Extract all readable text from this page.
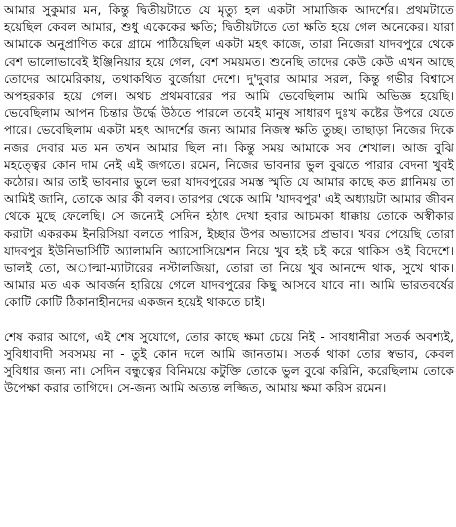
আমার সুকুমার মন, কিন্তু দ্বিতীয়টাতে যে মৃত্যু হল একটা সামাজিক আদর্শের। প্রথমটাতে হয়েছিল কেবল আমার, শুধু একেকের ক্ষতি; দ্বিতীয়টাতে তো ক্ষতি হয়ে গেল অনেকের। যারা আমাকে অনুপ্রাণিত করে গ্রামে পাঠিয়েছিল একটা মহৎ কাজে, তারা নিজেরা যাদবপুরে থেকে বেশ ভালোভাবেই ইঞ্জিনিয়ার হয়ে গেল, বেশ সময়মত। শুনেছি তাদের কেউ কেউ এখন আছে তোদের আমেরিকায়, তথাকথিত বুর্জোয়া দেশে। দু'দুবার আমার সরল, কিন্তু গভীর বিশ্বাসে অপহরকার হয়ে গেল। অথচ প্রথমবারের পর আমি ভেবেছিলাম আমি অভিজ্ঞ হয়েছি। ভেবেছিলাম আপন চিন্তার উর্দ্ধে উঠতে পারলে তবেই মানুষ সাধারণ দুঃখ কষ্টের উপরে যেতে পারে। ভেবেছিলাম একটা মহৎ আদর্শের জন্য আমার নিজস্ব ক্ষতি তুচ্ছ। তাছাড়া নিজের দিকে নজর দেবার মত মন তখন আমার ছিল না। কিন্তু সময় আমাকে সব শেখাল। আজ বুঝি মহত্ত্বের কোন দাম নেই এই জগতে। রমেন, নিজের ভাবনার ভুল বুঝতে পারার বেদনা খুবই কঠোর। আর তাই ভাবনার ভুলে ভরা যাদবপুরের সমস্ত স্মৃতি যে আমার কাছে কত গ্লানিময় তা আমিই জানি, তোকে আর কী বলব। তারপর থেকে আমি 'যাদবপুর' এই অধ্যায়টা আমার জীবন থেকে মুছে ফেলেছি। সে জন্যেই সেদিন হঠাৎ দেখা হবার আচমকা ধাক্কায় তোকে অস্বীকার করাটা একরকম ইনরিসিয়া বলতে পারিস, ইচ্ছার উপর অভ্যাসের প্রভাব। খবর পেয়েছি তোরা যাদবপুর ইউনিভার্সিটি অ্যালামনি অ্যাসোসিয়েশন নিয়ে খুব হই চই করে থাকিস ওই বিদেশে। ভালই তো, অাল্মা-ম্যাটারের নস্টালজিয়া, তোরা তা নিয়ে খুব আনন্দে থাক, সুখে থাক। আমার মত এক আবর্জন হারিয়ে গেলে যাদবপুরের কিছু আসবে যাবে না। আমি ভারতবর্ষের কোটি কোটি ঠিকানাহীনদের একজন হয়েই থাকতে চাই।

শেষ করার আগে, এই শেষ সুযোগে, তোর কাছে ক্ষমা চেয়ে নিই - সাবধানীরা সতর্ক অবশ্যই, সুবিধাবাদী সবসময় না - তুই কোন দলে আমি জানতাম। সতর্ক থাকা তোর স্বভাব, কেবল সুবিধার জন্য না। সেদিন বন্ধুত্বের বিনিময়ে কটুক্তি তোকে ভুল বুঝে করিনি, করেছিলাম তোকে উপেক্ষা করার তাগিদে। সে-জন্য আমি অত্যন্ত লজ্জিত, আমায় ক্ষমা করিস রমেন।
